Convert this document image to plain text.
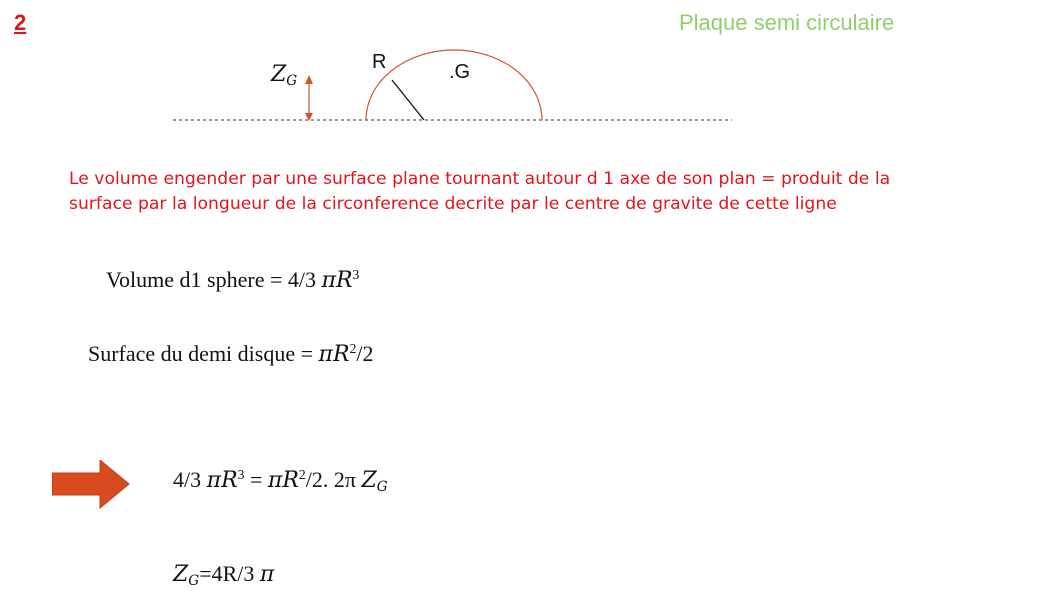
2	Plaque semi circulaire
R	.G
$Z_G$
Le volume engender par une surface plane tournant autour d 1 axe de son plan = produit de la
surface par la longueur de la circonference decrite par le centre de gravite de cette ligne
Volume d1 sphere = 4/3 $\pi R^3$
Surface du demi disque = $\pi R^2/2$
4/3 $\pi R^3 = \pi R^2/2$. 2π $Z_G$
$Z_G=4R/3$ π
